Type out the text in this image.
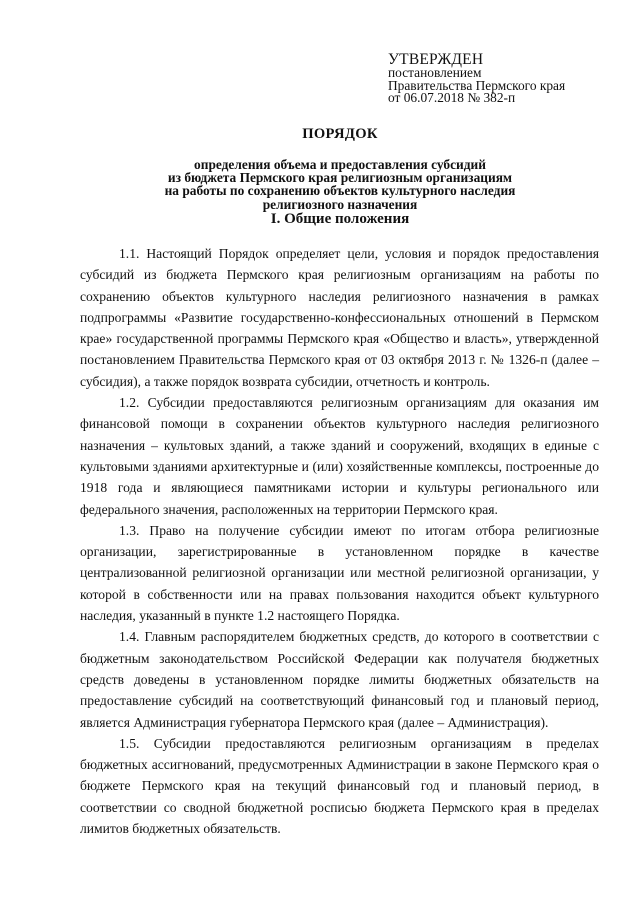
УТВЕРЖДЕН
постановлением
Правительства Пермского края
от 06.07.2018 № 382-п
ПОРЯДОК
определения объема и предоставления субсидий
из бюджета Пермского края религиозным организациям
на работы по сохранению объектов культурного наследия
религиозного назначения
I. Общие положения

1.1. Настоящий Порядок определяет цели, условия и порядок предоставления субсидий из бюджета Пермского края религиозным организациям на работы по сохранению объектов культурного наследия религиозного назначения в рамках подпрограммы «Развитие государственно-конфессиональных отношений в Пермском крае» государственной программы Пермского края «Общество и власть», утвержденной постановлением Правительства Пермского края от 03 октября 2013 г. № 1326-п (далее – субсидия), а также порядок возврата субсидии, отчетность и контроль.

1.2. Субсидии предоставляются религиозным организациям для оказания им финансовой помощи в сохранении объектов культурного наследия религиозного назначения – культовых зданий, а также зданий и сооружений, входящих в единые с культовыми зданиями архитектурные и (или) хозяйственные комплексы, построенные до 1918 года и являющиеся памятниками истории и культуры регионального или федерального значения, расположенных на территории Пермского края.

1.3. Право на получение субсидии имеют по итогам отбора религиозные организации, зарегистрированные в установленном порядке в качестве централизованной религиозной организации или местной религиозной организации, у которой в собственности или на правах пользования находится объект культурного наследия, указанный в пункте 1.2 настоящего Порядка.

1.4. Главным распорядителем бюджетных средств, до которого в соответствии с бюджетным законодательством Российской Федерации как получателя бюджетных средств доведены в установленном порядке лимиты бюджетных обязательств на предоставление субсидий на соответствующий финансовый год и плановый период, является Администрация губернатора Пермского края (далее – Администрация).

1.5. Субсидии предоставляются религиозным организациям в пределах бюджетных ассигнований, предусмотренных Администрации в законе Пермского края о бюджете Пермского края на текущий финансовый год и плановый период, в соответствии со сводной бюджетной росписью бюджета Пермского края в пределах лимитов бюджетных обязательств.
